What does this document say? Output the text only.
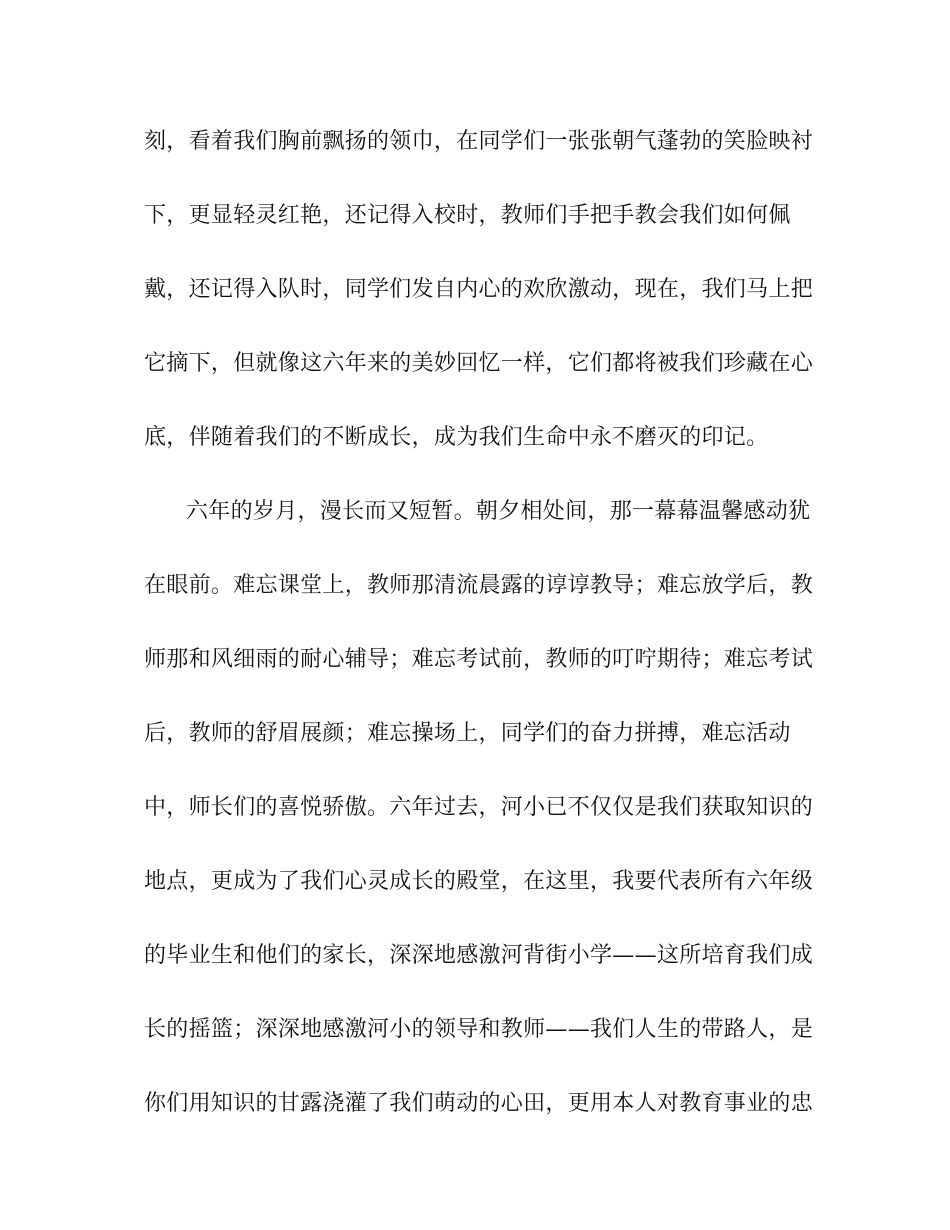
刻，看着我们胸前飘扬的领巾，在同学们一张张朝气蓬勃的笑脸映衬
下，更显轻灵红艳，还记得入校时，教师们手把手教会我们如何佩
戴，还记得入队时，同学们发自内心的欢欣激动，现在，我们马上把
它摘下，但就像这六年来的美妙回忆一样，它们都将被我们珍藏在心
底，伴随着我们的不断成长，成为我们生命中永不磨灭的印记。
六年的岁月，漫长而又短暂。朝夕相处间，那一幕幕温馨感动犹
在眼前。难忘课堂上，教师那清流晨露的谆谆教导；难忘放学后，教
师那和风细雨的耐心辅导；难忘考试前，教师的叮咛期待；难忘考试
后，教师的舒眉展颜；难忘操场上，同学们的奋力拼搏，难忘活动
中，师长们的喜悦骄傲。六年过去，河小已不仅仅是我们获取知识的
地点，更成为了我们心灵成长的殿堂，在这里，我要代表所有六年级
的毕业生和他们的家长，深深地感激河背街小学——这所培育我们成
长的摇篮；深深地感激河小的领导和教师——我们人生的带路人，是
你们用知识的甘露浇灌了我们萌动的心田，更用本人对教育事业的忠
